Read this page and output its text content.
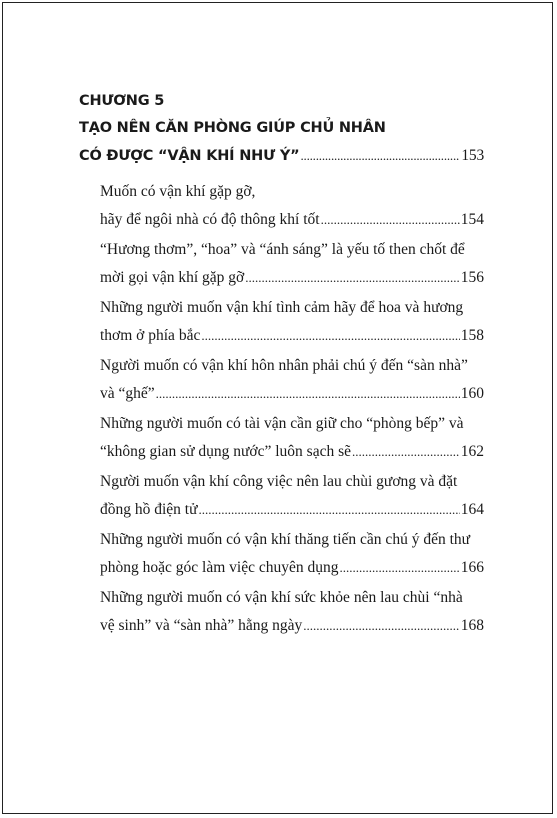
CHƯƠNG 5
TẠO NÊN CĂN PHÒNG GIÚP CHỦ NHÂN
CÓ ĐƯỢC “VẬN KHÍ NHƯ Ý” .....	153
Muốn có vận khí gặp gỡ,
hãy để ngôi nhà có độ thông khí tốt .....	154
“Hương thơm”, “hoa” và “ánh sáng” là yếu tố then chốt để
mời gọi vận khí gặp gỡ .....	156
Những người muốn vận khí tình cảm hãy để hoa và hương
thơm ở phía bắc .....	158
Người muốn có vận khí hôn nhân phải chú ý đến “sàn nhà”
và “ghế” .....	160
Những người muốn có tài vận cần giữ cho “phòng bếp” và
“không gian sử dụng nước” luôn sạch sẽ .....	162
Người muốn vận khí công việc nên lau chùi gương và đặt
đồng hồ điện tử .....	164
Những người muốn có vận khí thăng tiến cần chú ý đến thư
phòng hoặc góc làm việc chuyên dụng .....	166
Những người muốn có vận khí sức khỏe nên lau chùi “nhà
vệ sinh” và “sàn nhà” hằng ngày .....	168
